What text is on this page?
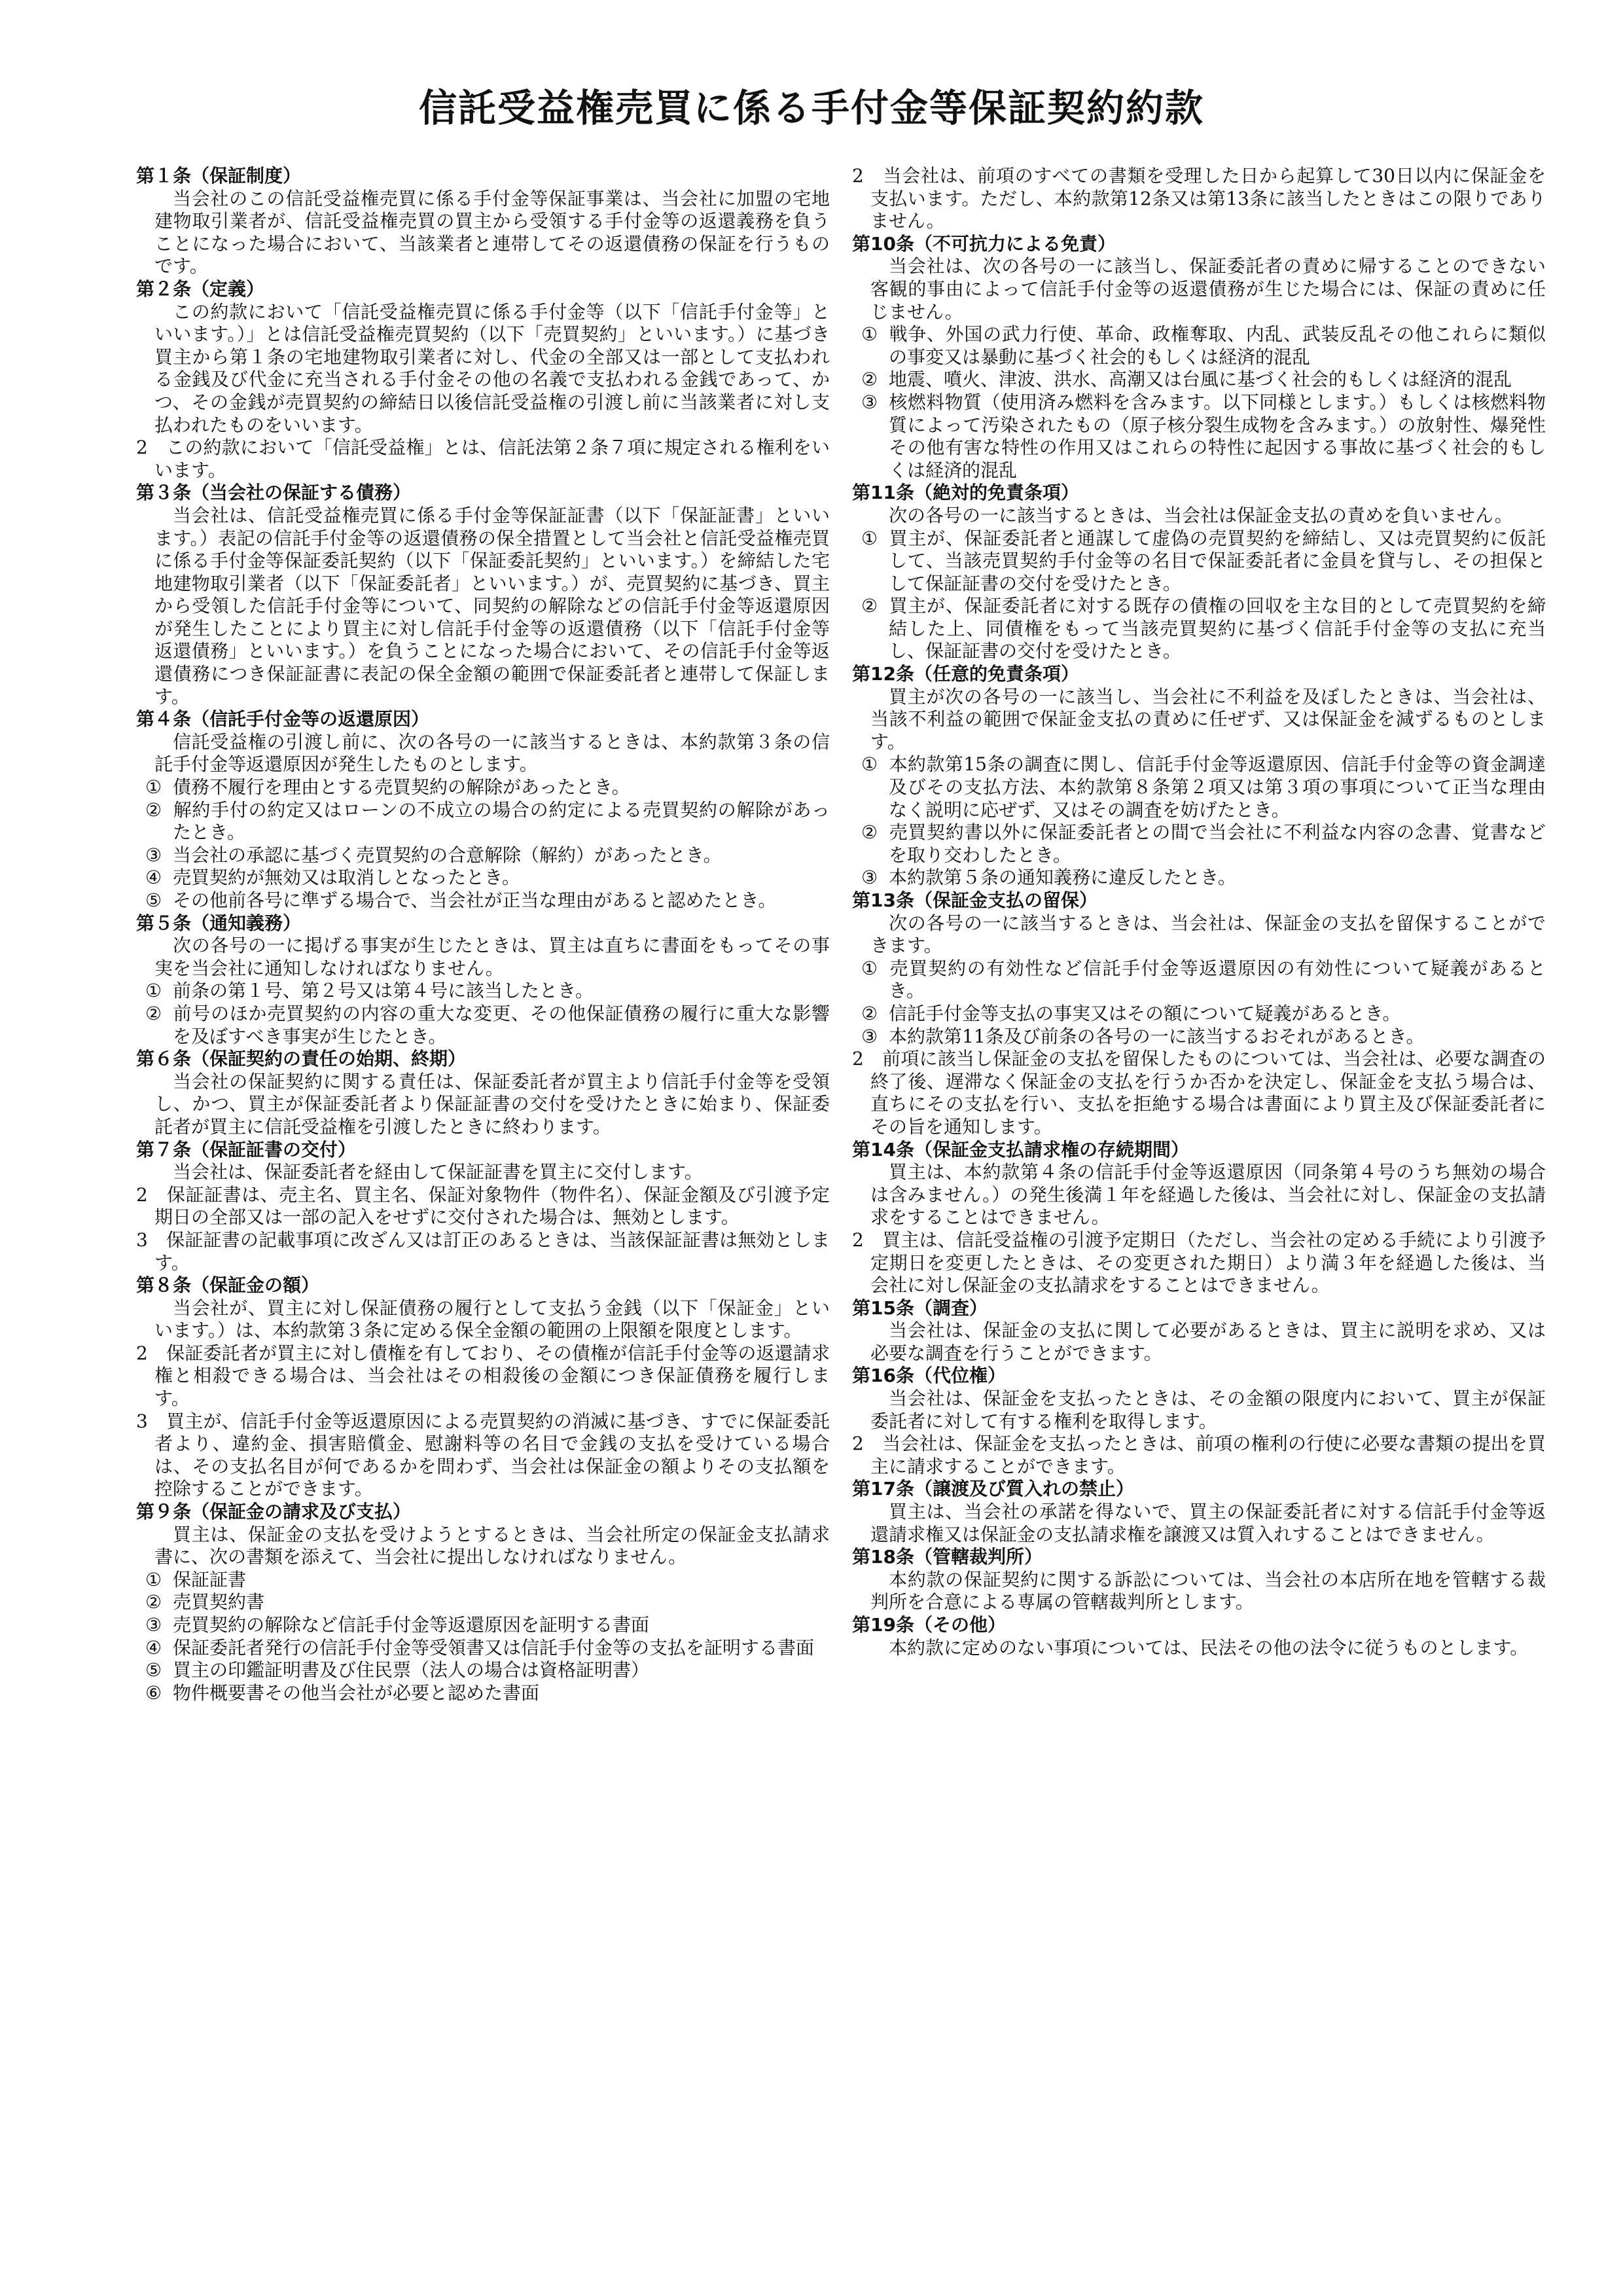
信託受益権売買に係る手付金等保証契約約款
第１条（保証制度）
当会社のこの信託受益権売買に係る手付金等保証事業は、当会社に加盟の宅地建物取引業者が、信託受益権売買の買主から受領する手付金等の返還義務を負うことになった場合において、当該業者と連帯してその返還債務の保証を行うものです。
第２条（定義）
この約款において「信託受益権売買に係る手付金等（以下「信託手付金等」といいます。）」とは信託受益権売買契約（以下「売買契約」といいます。）に基づき買主から第１条の宅地建物取引業者に対し、代金の全部又は一部として支払われる金銭及び代金に充当される手付金その他の名義で支払われる金銭であって、かつ、その金銭が売買契約の締結日以後信託受益権の引渡し前に当該業者に対し支払われたものをいいます。
2　この約款において「信託受益権」とは、信託法第２条７項に規定される権利をいいます。
第３条（当会社の保証する債務）
当会社は、信託受益権売買に係る手付金等保証証書（以下「保証証書」といいます。）表記の信託手付金等の返還債務の保全措置として当会社と信託受益権売買に係る手付金等保証委託契約（以下「保証委託契約」といいます。）を締結した宅地建物取引業者（以下「保証委託者」といいます。）が、売買契約に基づき、買主から受領した信託手付金等について、同契約の解除などの信託手付金等返還原因が発生したことにより買主に対し信託手付金等の返還債務（以下「信託手付金等返還債務」といいます。）を負うことになった場合において、その信託手付金等返還債務につき保証証書に表記の保全金額の範囲で保証委託者と連帯して保証します。
第４条（信託手付金等の返還原因）
信託受益権の引渡し前に、次の各号の一に該当するときは、本約款第３条の信託手付金等返還原因が発生したものとします。
① 債務不履行を理由とする売買契約の解除があったとき。
② 解約手付の約定又はローンの不成立の場合の約定による売買契約の解除があったとき。
③ 当会社の承認に基づく売買契約の合意解除（解約）があったとき。
④ 売買契約が無効又は取消しとなったとき。
⑤ その他前各号に準ずる場合で、当会社が正当な理由があると認めたとき。
第５条（通知義務）
次の各号の一に掲げる事実が生じたときは、買主は直ちに書面をもってその事実を当会社に通知しなければなりません。
① 前条の第１号、第２号又は第４号に該当したとき。
② 前号のほか売買契約の内容の重大な変更、その他保証債務の履行に重大な影響を及ぼすべき事実が生じたとき。
第６条（保証契約の責任の始期、終期）
当会社の保証契約に関する責任は、保証委託者が買主より信託手付金等を受領し、かつ、買主が保証委託者より保証証書の交付を受けたときに始まり、保証委託者が買主に信託受益権を引渡したときに終わります。
第７条（保証証書の交付）
当会社は、保証委託者を経由して保証証書を買主に交付します。
2　保証証書は、売主名、買主名、保証対象物件（物件名）、保証金額及び引渡予定期日の全部又は一部の記入をせずに交付された場合は、無効とします。
3　保証証書の記載事項に改ざん又は訂正のあるときは、当該保証証書は無効とします。
第８条（保証金の額）
当会社が、買主に対し保証債務の履行として支払う金銭（以下「保証金」といいます。）は、本約款第３条に定める保全金額の範囲の上限額を限度とします。
2　保証委託者が買主に対し債権を有しており、その債権が信託手付金等の返還請求権と相殺できる場合は、当会社はその相殺後の金額につき保証債務を履行します。
3　買主が、信託手付金等返還原因による売買契約の消滅に基づき、すでに保証委託者より、違約金、損害賠償金、慰謝料等の名目で金銭の支払を受けている場合は、その支払名目が何であるかを問わず、当会社は保証金の額よりその支払額を控除することができます。
第９条（保証金の請求及び支払）
買主は、保証金の支払を受けようとするときは、当会社所定の保証金支払請求書に、次の書類を添えて、当会社に提出しなければなりません。
① 保証証書
② 売買契約書
③ 売買契約の解除など信託手付金等返還原因を証明する書面
④ 保証委託者発行の信託手付金等受領書又は信託手付金等の支払を証明する書面
⑤ 買主の印鑑証明書及び住民票（法人の場合は資格証明書）
⑥ 物件概要書その他当会社が必要と認めた書面
2　当会社は、前項のすべての書類を受理した日から起算して30日以内に保証金を支払います。ただし、本約款第12条又は第13条に該当したときはこの限りでありません。
第10条（不可抗力による免責）
当会社は、次の各号の一に該当し、保証委託者の責めに帰することのできない客観的事由によって信託手付金等の返還債務が生じた場合には、保証の責めに任じません。
① 戦争、外国の武力行使、革命、政権奪取、内乱、武装反乱その他これらに類似の事変又は暴動に基づく社会的もしくは経済的混乱
② 地震、噴火、津波、洪水、高潮又は台風に基づく社会的もしくは経済的混乱
③ 核燃料物質（使用済み燃料を含みます。以下同様とします。）もしくは核燃料物質によって汚染されたもの（原子核分裂生成物を含みます。）の放射性、爆発性その他有害な特性の作用又はこれらの特性に起因する事故に基づく社会的もしくは経済的混乱
第11条（絶対的免責条項）
次の各号の一に該当するときは、当会社は保証金支払の責めを負いません。
① 買主が、保証委託者と通謀して虚偽の売買契約を締結し、又は売買契約に仮託して、当該売買契約手付金等の名目で保証委託者に金員を貸与し、その担保として保証証書の交付を受けたとき。
② 買主が、保証委託者に対する既存の債権の回収を主な目的として売買契約を締結した上、同債権をもって当該売買契約に基づく信託手付金等の支払に充当し、保証証書の交付を受けたとき。
第12条（任意的免責条項）
買主が次の各号の一に該当し、当会社に不利益を及ぼしたときは、当会社は、当該不利益の範囲で保証金支払の責めに任ぜず、又は保証金を減ずるものとします。
① 本約款第15条の調査に関し、信託手付金等返還原因、信託手付金等の資金調達及びその支払方法、本約款第８条第２項又は第３項の事項について正当な理由なく説明に応ぜず、又はその調査を妨げたとき。
② 売買契約書以外に保証委託者との間で当会社に不利益な内容の念書、覚書などを取り交わしたとき。
③ 本約款第５条の通知義務に違反したとき。
第13条（保証金支払の留保）
次の各号の一に該当するときは、当会社は、保証金の支払を留保することができます。
① 売買契約の有効性など信託手付金等返還原因の有効性について疑義があるとき。
② 信託手付金等支払の事実又はその額について疑義があるとき。
③ 本約款第11条及び前条の各号の一に該当するおそれがあるとき。
2　前項に該当し保証金の支払を留保したものについては、当会社は、必要な調査の終了後、遅滞なく保証金の支払を行うか否かを決定し、保証金を支払う場合は、直ちにその支払を行い、支払を拒絶する場合は書面により買主及び保証委託者にその旨を通知します。
第14条（保証金支払請求権の存続期間）
買主は、本約款第４条の信託手付金等返還原因（同条第４号のうち無効の場合は含みません。）の発生後満１年を経過した後は、当会社に対し、保証金の支払請求をすることはできません。
2　買主は、信託受益権の引渡予定期日（ただし、当会社の定める手続により引渡予定期日を変更したときは、その変更された期日）より満３年を経過した後は、当会社に対し保証金の支払請求をすることはできません。
第15条（調査）
当会社は、保証金の支払に関して必要があるときは、買主に説明を求め、又は必要な調査を行うことができます。
第16条（代位権）
当会社は、保証金を支払ったときは、その金額の限度内において、買主が保証委託者に対して有する権利を取得します。
2　当会社は、保証金を支払ったときは、前項の権利の行使に必要な書類の提出を買主に請求することができます。
第17条（譲渡及び質入れの禁止）
買主は、当会社の承諾を得ないで、買主の保証委託者に対する信託手付金等返還請求権又は保証金の支払請求権を譲渡又は質入れすることはできません。
第18条（管轄裁判所）
本約款の保証契約に関する訴訟については、当会社の本店所在地を管轄する裁判所を合意による専属の管轄裁判所とします。
第19条（その他）
本約款に定めのない事項については、民法その他の法令に従うものとします。
